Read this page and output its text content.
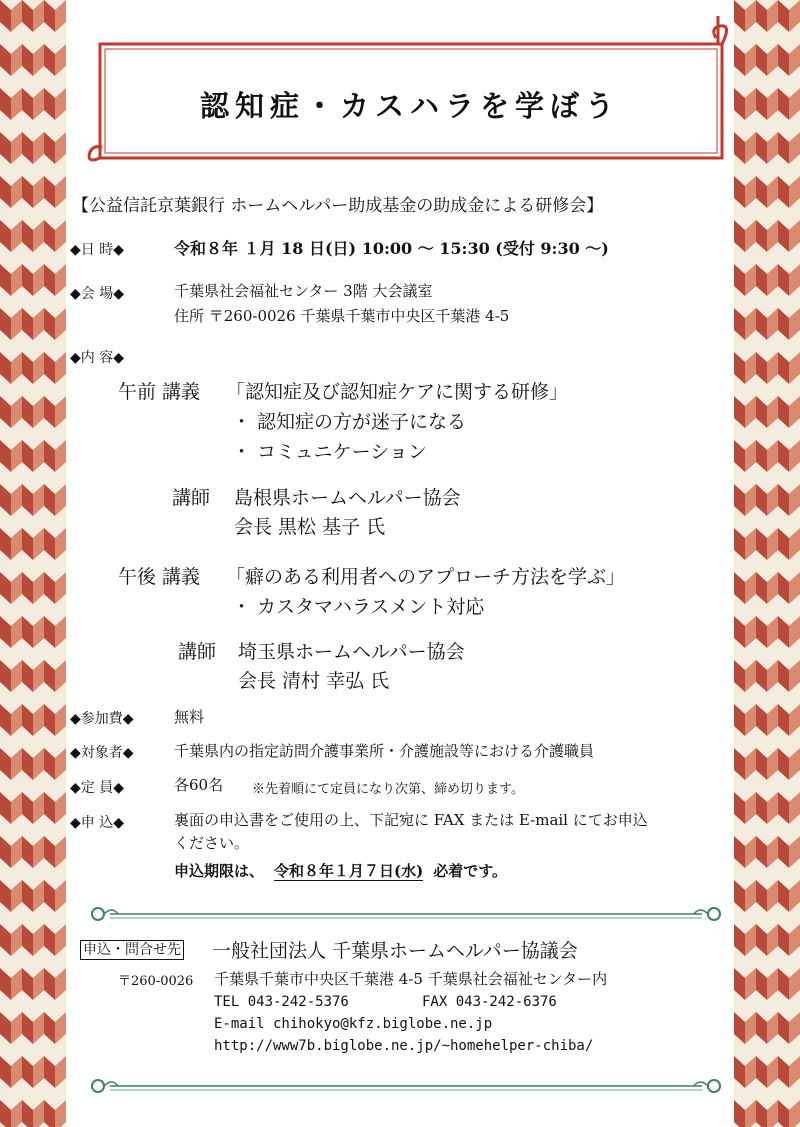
認知症・カスハラを学ぼう
【公益信託京葉銀行 ホームヘルパー助成基金の助成金による研修会】
◆日 時◆	令和８年 １月 18 日(日) 10:00 ～ 15:30 (受付 9:30 ～)
◆会 場◆	千葉県社会福祉センター 3階 大会議室
住所 〒260-0026 千葉県千葉市中央区千葉港 4-5
◆内 容◆
午前 講義 「認知症及び認知症ケアに関する研修」
・ 認知症の方が迷子になる
・ コミュニケーション
講師 島根県ホームヘルパー協会
会長 黒松 基子 氏
午後 講義 「癖のある利用者へのアプローチ方法を学ぶ」
・ カスタマハラスメント対応
講師 埼玉県ホームヘルパー協会
会長 清村 幸弘 氏
◆参加費◆	無料
◆対象者◆	千葉県内の指定訪問介護事業所・介護施設等における介護職員
◆定 員◆	各60名 ※先着順にて定員になり次第、締め切ります。
◆申 込◆	裏面の申込書をご使用の上、下記宛に FAX または E-mail にてお申込
ください。
申込期限は、 令和８年１月７日(水) 必着です。
申込・問合せ先 一般社団法人 千葉県ホームヘルパー協議会
〒260-0026 千葉県千葉市中央区千葉港 4-5 千葉県社会福祉センター内
TEL 043-242-5376	FAX 043-242-6376
E-mail chihokyo@kfz.biglobe.ne.jp
http://www7b.biglobe.ne.jp/~homehelper-chiba/
